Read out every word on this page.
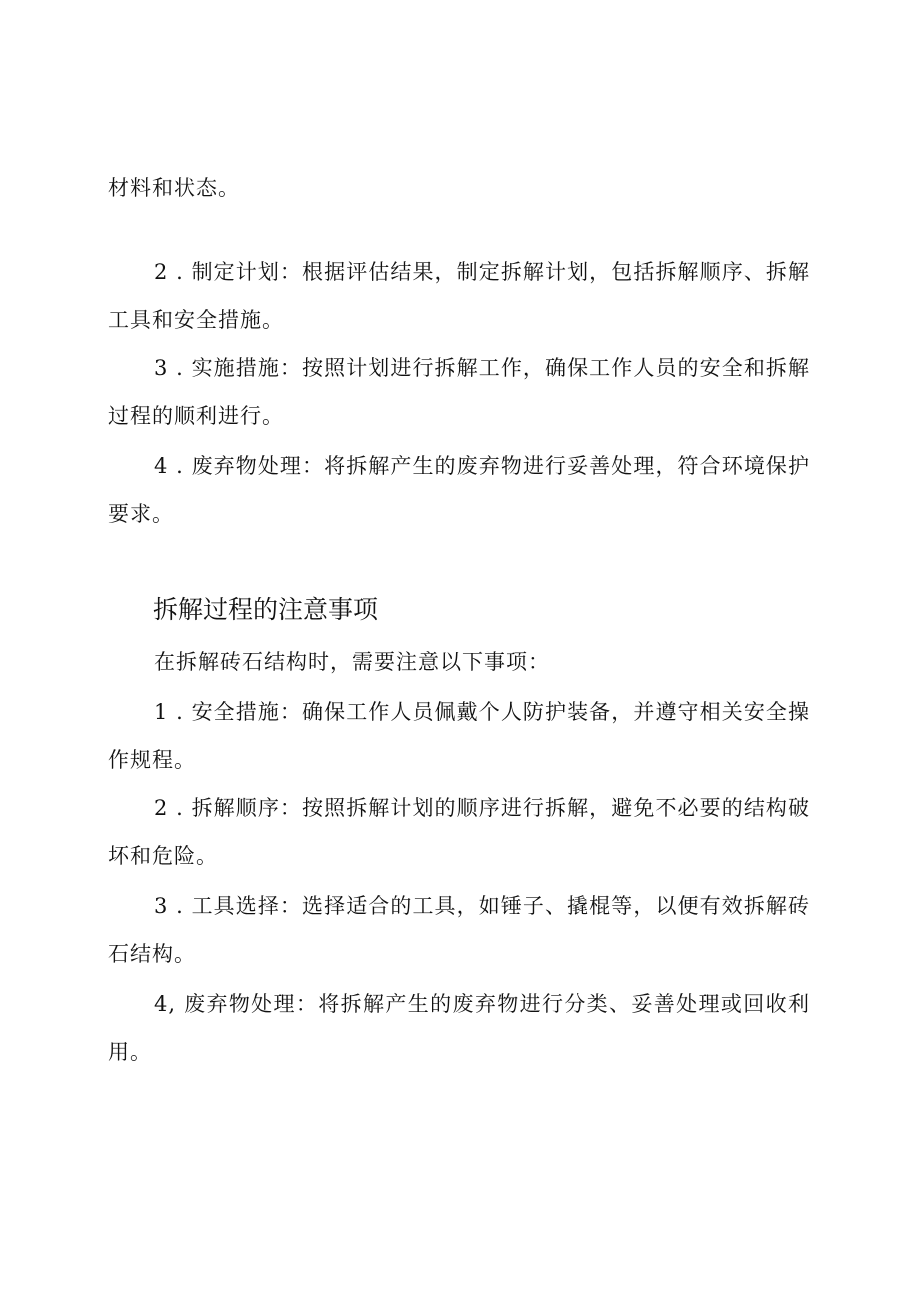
材料和状态。

2 . 制定计划：根据评估结果，制定拆解计划，包括拆解顺序、拆解工具和安全措施。

3 . 实施措施：按照计划进行拆解工作，确保工作人员的安全和拆解过程的顺利进行。

4 . 废弃物处理：将拆解产生的废弃物进行妥善处理，符合环境保护要求。

拆解过程的注意事项

在拆解砖石结构时，需要注意以下事项：

1 . 安全措施：确保工作人员佩戴个人防护装备，并遵守相关安全操作规程。

2 . 拆解顺序：按照拆解计划的顺序进行拆解，避免不必要的结构破坏和危险。

3 . 工具选择：选择适合的工具，如锤子、撬棍等，以便有效拆解砖石结构。

4, 废弃物处理：将拆解产生的废弃物进行分类、妥善处理或回收利用。
